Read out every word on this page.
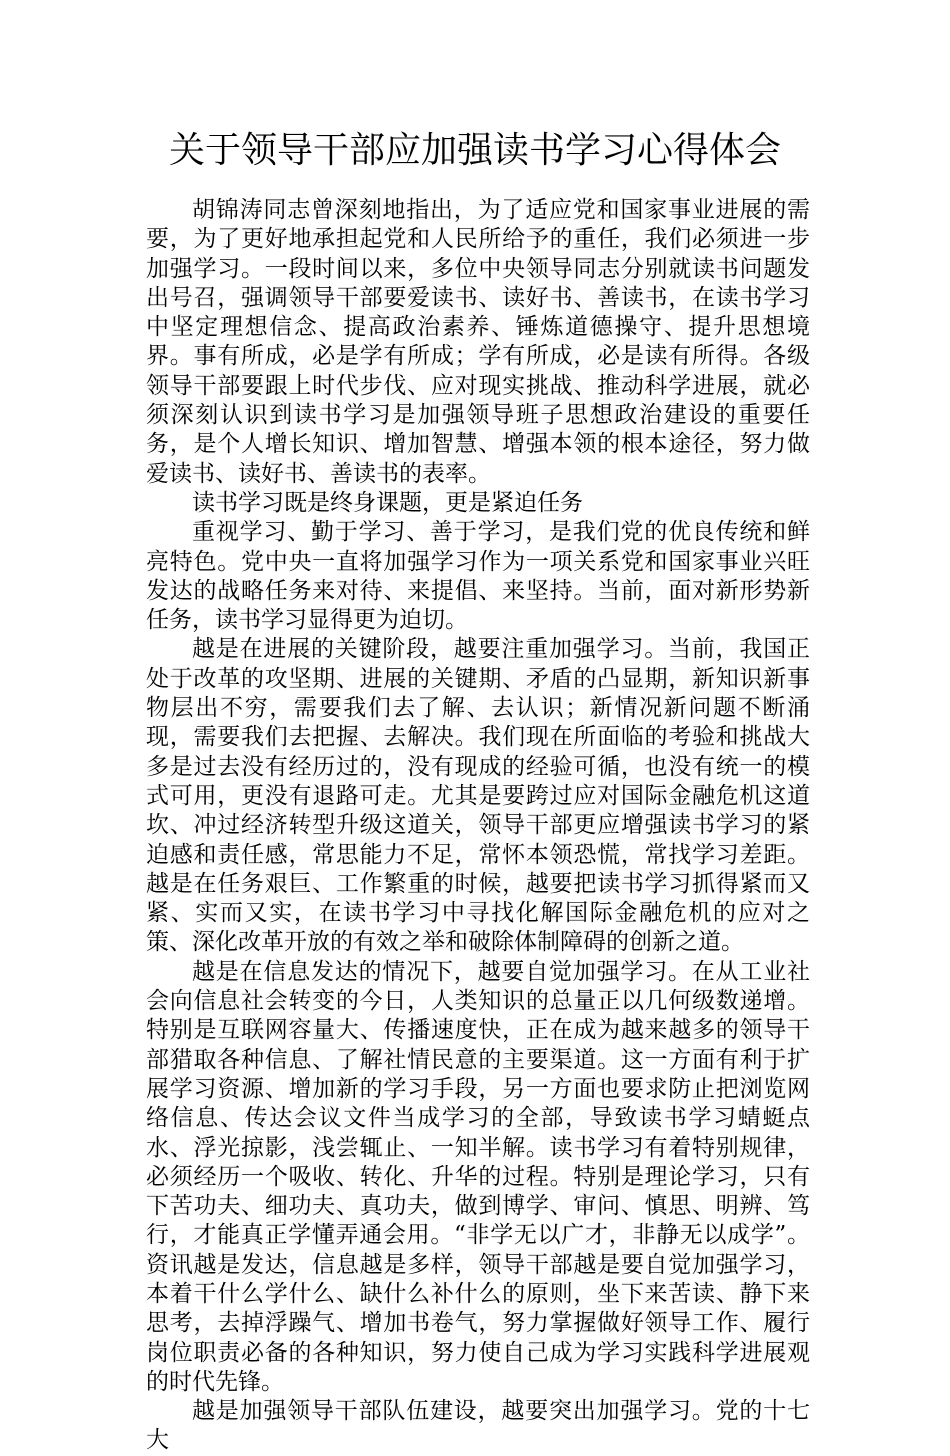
关于领导干部应加强读书学习心得体会

胡锦涛同志曾深刻地指出，为了适应党和国家事业进展的需要，为了更好地承担起党和人民所给予的重任，我们必须进一步加强学习。一段时间以来，多位中央领导同志分别就读书问题发出号召，强调领导干部要爱读书、读好书、善读书，在读书学习中坚定理想信念、提高政治素养、锤炼道德操守、提升思想境界。事有所成，必是学有所成；学有所成，必是读有所得。各级领导干部要跟上时代步伐、应对现实挑战、推动科学进展，就必须深刻认识到读书学习是加强领导班子思想政治建设的重要任务，是个人增长知识、增加智慧、增强本领的根本途径，努力做爱读书、读好书、善读书的表率。

读书学习既是终身课题，更是紧迫任务

重视学习、勤于学习、善于学习，是我们党的优良传统和鲜亮特色。党中央一直将加强学习作为一项关系党和国家事业兴旺发达的战略任务来对待、来提倡、来坚持。当前，面对新形势新任务，读书学习显得更为迫切。

越是在进展的关键阶段，越要注重加强学习。当前，我国正处于改革的攻坚期、进展的关键期、矛盾的凸显期，新知识新事物层出不穷，需要我们去了解、去认识；新情况新问题不断涌现，需要我们去把握、去解决。我们现在所面临的考验和挑战大多是过去没有经历过的，没有现成的经验可循，也没有统一的模式可用，更没有退路可走。尤其是要跨过应对国际金融危机这道坎、冲过经济转型升级这道关，领导干部更应增强读书学习的紧迫感和责任感，常思能力不足，常怀本领恐慌，常找学习差距。越是在任务艰巨、工作繁重的时候，越要把读书学习抓得紧而又紧、实而又实，在读书学习中寻找化解国际金融危机的应对之策、深化改革开放的有效之举和破除体制障碍的创新之道。

越是在信息发达的情况下，越要自觉加强学习。在从工业社会向信息社会转变的今日，人类知识的总量正以几何级数递增。特别是互联网容量大、传播速度快，正在成为越来越多的领导干部猎取各种信息、了解社情民意的主要渠道。这一方面有利于扩展学习资源、增加新的学习手段，另一方面也要求防止把浏览网络信息、传达会议文件当成学习的全部，导致读书学习蜻蜓点水、浮光掠影，浅尝辄止、一知半解。读书学习有着特别规律，必须经历一个吸收、转化、升华的过程。特别是理论学习，只有下苦功夫、细功夫、真功夫，做到博学、审问、慎思、明辨、笃行，才能真正学懂弄通会用。“非学无以广才，非静无以成学”。资讯越是发达，信息越是多样，领导干部越是要自觉加强学习，本着干什么学什么、缺什么补什么的原则，坐下来苦读、静下来思考，去掉浮躁气、增加书卷气，努力掌握做好领导工作、履行岗位职责必备的各种知识，努力使自己成为学习实践科学进展观的时代先锋。

越是加强领导干部队伍建设，越要突出加强学习。党的十七大
